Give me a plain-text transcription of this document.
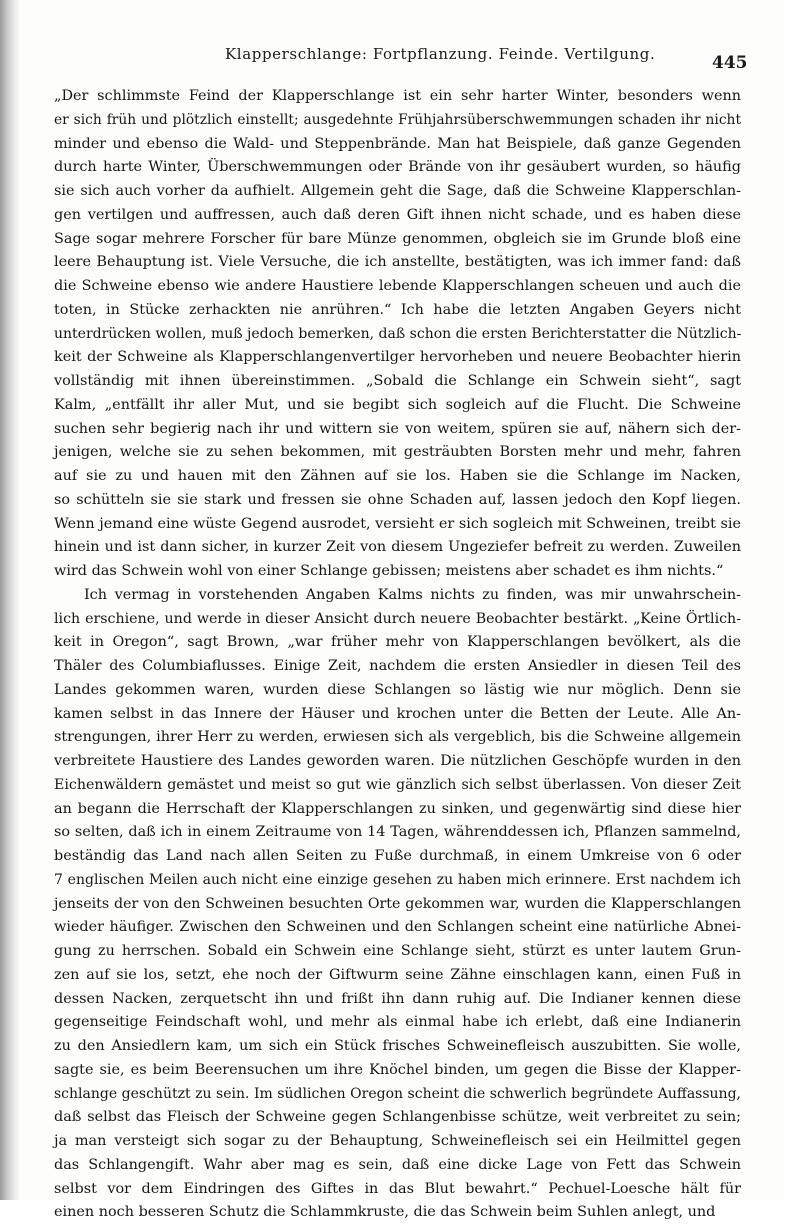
Klapperschlange: Fortpflanzung. Feinde. Vertilgung.	445
„Der schlimmste Feind der Klapperschlange ist ein sehr harter Winter, besonders wenn
er sich früh und plötzlich einstellt; ausgedehnte Frühjahrsüberschwemmungen schaden ihr nicht
minder und ebenso die Wald- und Steppenbrände. Man hat Beispiele, daß ganze Gegenden
durch harte Winter, Überschwemmungen oder Brände von ihr gesäubert wurden, so häufig
sie sich auch vorher da aufhielt. Allgemein geht die Sage, daß die Schweine Klapperschlan-
gen vertilgen und auffressen, auch daß deren Gift ihnen nicht schade, und es haben diese
Sage sogar mehrere Forscher für bare Münze genommen, obgleich sie im Grunde bloß eine
leere Behauptung ist. Viele Versuche, die ich anstellte, bestätigten, was ich immer fand: daß
die Schweine ebenso wie andere Haustiere lebende Klapperschlangen scheuen und auch die
toten, in Stücke zerhackten nie anrühren.“ Ich habe die letzten Angaben Geyers nicht
unterdrücken wollen, muß jedoch bemerken, daß schon die ersten Berichterstatter die Nützlich-
keit der Schweine als Klapperschlangenvertilger hervorheben und neuere Beobachter hierin
vollständig mit ihnen übereinstimmen. „Sobald die Schlange ein Schwein sieht“, sagt
Kalm, „entfällt ihr aller Mut, und sie begibt sich sogleich auf die Flucht. Die Schweine
suchen sehr begierig nach ihr und wittern sie von weitem, spüren sie auf, nähern sich der-
jenigen, welche sie zu sehen bekommen, mit gesträubten Borsten mehr und mehr, fahren
auf sie zu und hauen mit den Zähnen auf sie los. Haben sie die Schlange im Nacken,
so schütteln sie sie stark und fressen sie ohne Schaden auf, lassen jedoch den Kopf liegen.
Wenn jemand eine wüste Gegend ausrodet, versieht er sich sogleich mit Schweinen, treibt sie
hinein und ist dann sicher, in kurzer Zeit von diesem Ungeziefer befreit zu werden. Zuweilen
wird das Schwein wohl von einer Schlange gebissen; meistens aber schadet es ihm nichts.“
Ich vermag in vorstehenden Angaben Kalms nichts zu finden, was mir unwahrschein-
lich erschiene, und werde in dieser Ansicht durch neuere Beobachter bestärkt. „Keine Örtlich-
keit in Oregon“, sagt Brown, „war früher mehr von Klapperschlangen bevölkert, als die
Thäler des Columbiaflusses. Einige Zeit, nachdem die ersten Ansiedler in diesen Teil des
Landes gekommen waren, wurden diese Schlangen so lästig wie nur möglich. Denn sie
kamen selbst in das Innere der Häuser und krochen unter die Betten der Leute. Alle An-
strengungen, ihrer Herr zu werden, erwiesen sich als vergeblich, bis die Schweine allgemein
verbreitete Haustiere des Landes geworden waren. Die nützlichen Geschöpfe wurden in den
Eichenwäldern gemästet und meist so gut wie gänzlich sich selbst überlassen. Von dieser Zeit
an begann die Herrschaft der Klapperschlangen zu sinken, und gegenwärtig sind diese hier
so selten, daß ich in einem Zeitraume von 14 Tagen, währenddessen ich, Pflanzen sammelnd,
beständig das Land nach allen Seiten zu Fuße durchmaß, in einem Umkreise von 6 oder
7 englischen Meilen auch nicht eine einzige gesehen zu haben mich erinnere. Erst nachdem ich
jenseits der von den Schweinen besuchten Orte gekommen war, wurden die Klapperschlangen
wieder häufiger. Zwischen den Schweinen und den Schlangen scheint eine natürliche Abnei-
gung zu herrschen. Sobald ein Schwein eine Schlange sieht, stürzt es unter lautem Grun-
zen auf sie los, setzt, ehe noch der Giftwurm seine Zähne einschlagen kann, einen Fuß in
dessen Nacken, zerquetscht ihn und frißt ihn dann ruhig auf. Die Indianer kennen diese
gegenseitige Feindschaft wohl, und mehr als einmal habe ich erlebt, daß eine Indianerin
zu den Ansiedlern kam, um sich ein Stück frisches Schweinefleisch auszubitten. Sie wolle,
sagte sie, es beim Beerensuchen um ihre Knöchel binden, um gegen die Bisse der Klapper-
schlange geschützt zu sein. Im südlichen Oregon scheint die schwerlich begründete Auffassung,
daß selbst das Fleisch der Schweine gegen Schlangenbisse schütze, weit verbreitet zu sein;
ja man versteigt sich sogar zu der Behauptung, Schweinefleisch sei ein Heilmittel gegen
das Schlangengift. Wahr aber mag es sein, daß eine dicke Lage von Fett das Schwein
selbst vor dem Eindringen des Giftes in das Blut bewahrt.“ Pechuel-Loesche hält für
einen noch besseren Schutz die Schlammkruste, die das Schwein beim Suhlen anlegt, und
